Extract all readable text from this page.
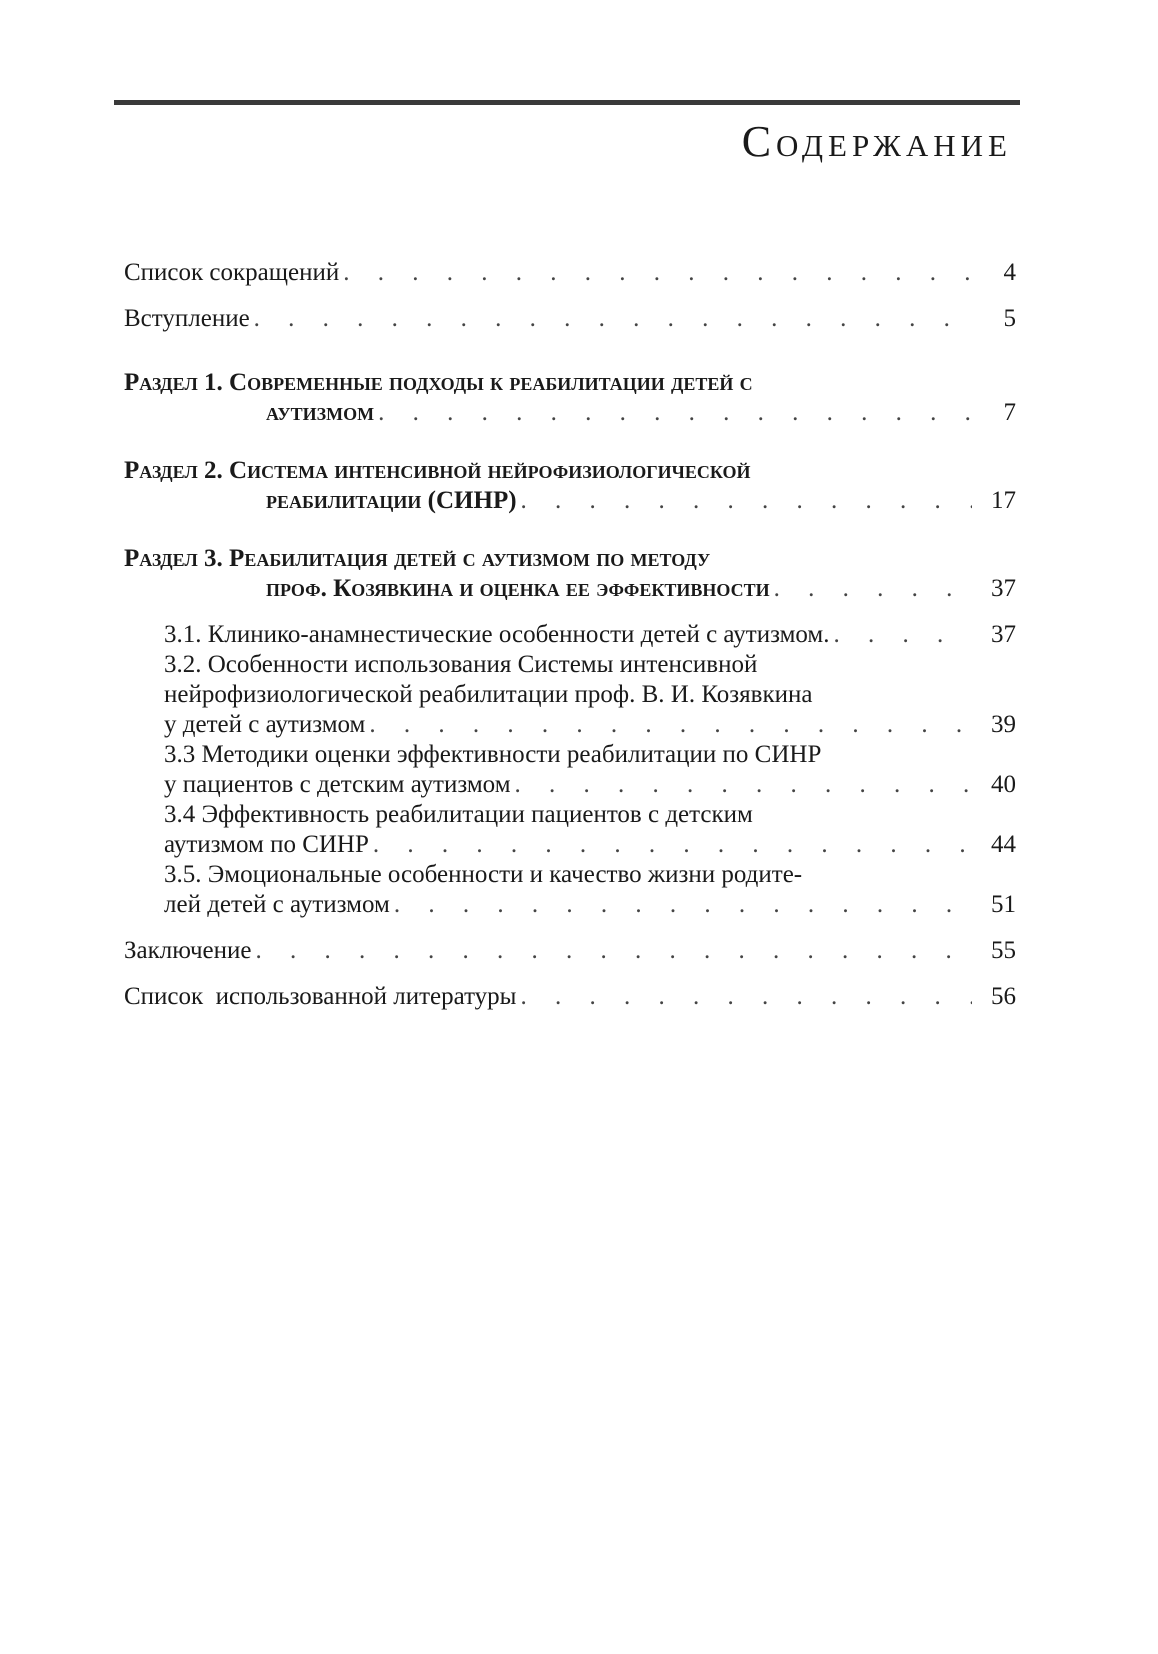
Содержание
Список сокращений . . .	4
Вступление . . .	5
Раздел 1. Современные подходы к реабилитации детей с
аутизмом . . .	7
Раздел 2. Система интенсивной нейрофизиологической
реабилитации (СИНР) . . .	17
Раздел 3. Реабилитация детей с аутизмом по методу
проф. Козявкина и оценка ее эффективности . . .	37
3.1. Клинико-анамнестические особенности детей с аутизмом. . . .	37
3.2. Особенности использования Системы интенсивной
нейрофизиологической реабилитации проф. В. И. Козявкина
у детей с аутизмом . . .	39
3.3 Методики оценки эффективности реабилитации по СИНР
у пациентов с детским аутизмом . . .	40
3.4 Эффективность реабилитации пациентов с детским
аутизмом по СИНР . . .	44
3.5. Эмоциональные особенности и качество жизни родите-
лей детей с аутизмом . . .	51
Заключение . . .	55
Список  использованной литературы . . .	56
